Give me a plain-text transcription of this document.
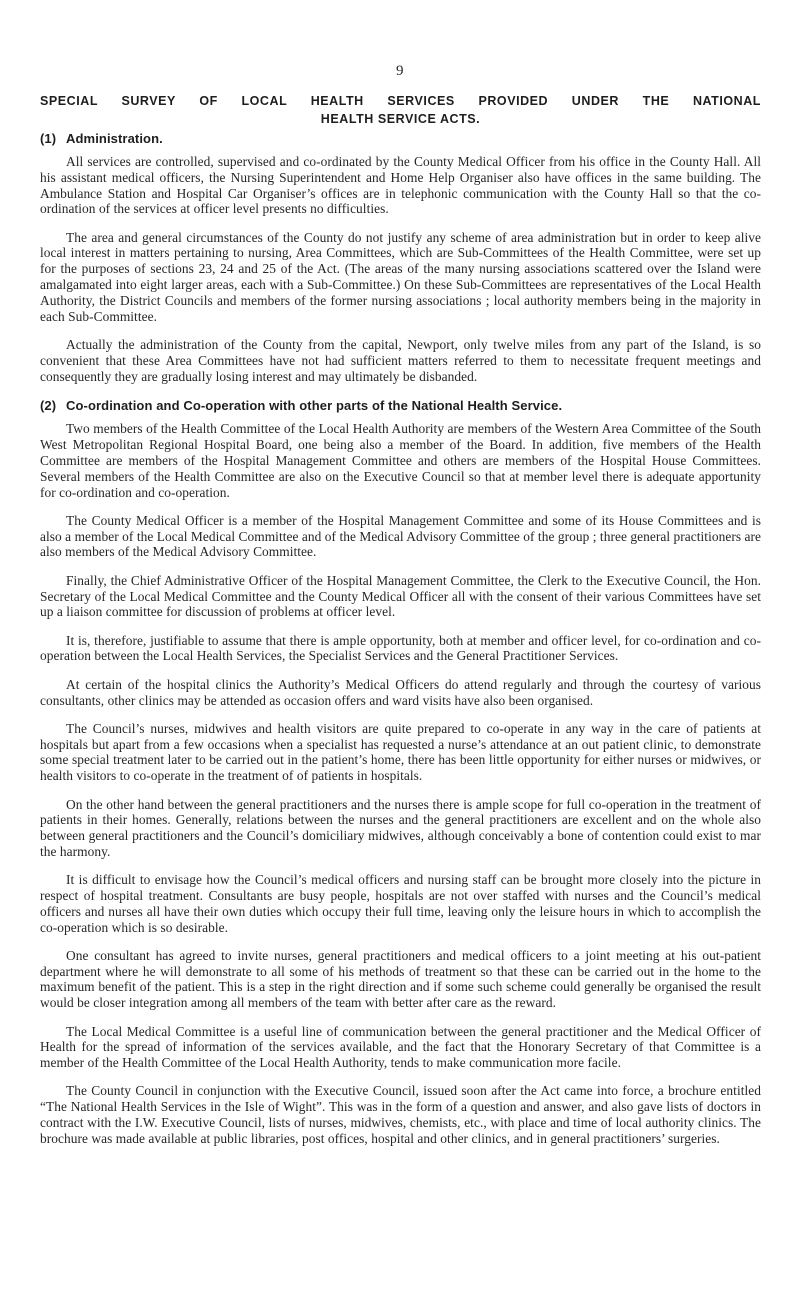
9
SPECIAL SURVEY OF LOCAL HEALTH SERVICES PROVIDED UNDER THE NATIONAL
HEALTH SERVICE ACTS.
(1) Administration.

All services are controlled, supervised and co-ordinated by the County Medical Officer from his office in the County Hall. All his assistant medical officers, the Nursing Superintendent and Home Help Organiser also have offices in the same building. The Ambulance Station and Hospital Car Organiser’s offices are in telephonic communication with the County Hall so that the co-ordination of the services at officer level presents no difficulties.

The area and general circumstances of the County do not justify any scheme of area administration but in order to keep alive local interest in matters pertaining to nursing, Area Committees, which are Sub-Committees of the Health Committee, were set up for the purposes of sections 23, 24 and 25 of the Act. (The areas of the many nursing associations scattered over the Island were amalgamated into eight larger areas, each with a Sub-Committee.) On these Sub-Committees are representatives of the Local Health Authority, the District Councils and members of the former nursing associations ; local authority members being in the majority in each Sub-Committee.

Actually the administration of the County from the capital, Newport, only twelve miles from any part of the Island, is so convenient that these Area Committees have not had sufficient matters referred to them to necessitate frequent meetings and consequently they are gradually losing interest and may ultimately be disbanded.

(2) Co-ordination and Co-operation with other parts of the National Health Service.

Two members of the Health Committee of the Local Health Authority are members of the Western Area Committee of the South West Metropolitan Regional Hospital Board, one being also a member of the Board. In addition, five members of the Health Committee are members of the Hospital Management Committee and others are members of the Hospital House Committees. Several members of the Health Committee are also on the Executive Council so that at member level there is adequate apportunity for co-ordination and co-operation.

The County Medical Officer is a member of the Hospital Management Committee and some of its House Committees and is also a member of the Local Medical Committee and of the Medical Advisory Committee of the group ; three general practitioners are also members of the Medical Advisory Committee.

Finally, the Chief Administrative Officer of the Hospital Management Committee, the Clerk to the Executive Council, the Hon. Secretary of the Local Medical Committee and the County Medical Officer all with the consent of their various Committees have set up a liaison committee for discussion of problems at officer level.

It is, therefore, justifiable to assume that there is ample opportunity, both at member and officer level, for co-ordination and co-operation between the Local Health Services, the Specialist Services and the General Practitioner Services.

At certain of the hospital clinics the Authority’s Medical Officers do attend regularly and through the courtesy of various consultants, other clinics may be attended as occasion offers and ward visits have also been organised.

The Council’s nurses, midwives and health visitors are quite prepared to co-operate in any way in the care of patients at hospitals but apart from a few occasions when a specialist has requested a nurse’s attendance at an out patient clinic, to demonstrate some special treatment later to be carried out in the patient’s home, there has been little opportunity for either nurses or midwives, or health visitors to co-operate in the treatment of of patients in hospitals.

On the other hand between the general practitioners and the nurses there is ample scope for full co-operation in the treatment of patients in their homes. Generally, relations between the nurses and the general practitioners are excellent and on the whole also between general practitioners and the Council’s domiciliary midwives, although conceivably a bone of contention could exist to mar the harmony.

It is difficult to envisage how the Council’s medical officers and nursing staff can be brought more closely into the picture in respect of hospital treatment. Consultants are busy people, hospitals are not over staffed with nurses and the Council’s medical officers and nurses all have their own duties which occupy their full time, leaving only the leisure hours in which to accomplish the co-operation which is so desirable.

One consultant has agreed to invite nurses, general practitioners and medical officers to a joint meeting at his out-patient department where he will demonstrate to all some of his methods of treatment so that these can be carried out in the home to the maximum benefit of the patient. This is a step in the right direction and if some such scheme could generally be organised the result would be closer integration among all members of the team with better after care as the reward.

The Local Medical Committee is a useful line of communication between the general practitioner and the Medical Officer of Health for the spread of information of the services available, and the fact that the Honorary Secretary of that Committee is a member of the Health Committee of the Local Health Authority, tends to make communication more facile.

The County Council in conjunction with the Executive Council, issued soon after the Act came into force, a brochure entitled “The National Health Services in the Isle of Wight”. This was in the form of a question and answer, and also gave lists of doctors in contract with the I.W. Executive Council, lists of nurses, midwives, chemists, etc., with place and time of local authority clinics. The brochure was made available at public libraries, post offices, hospital and other clinics, and in general practitioners’ surgeries.
